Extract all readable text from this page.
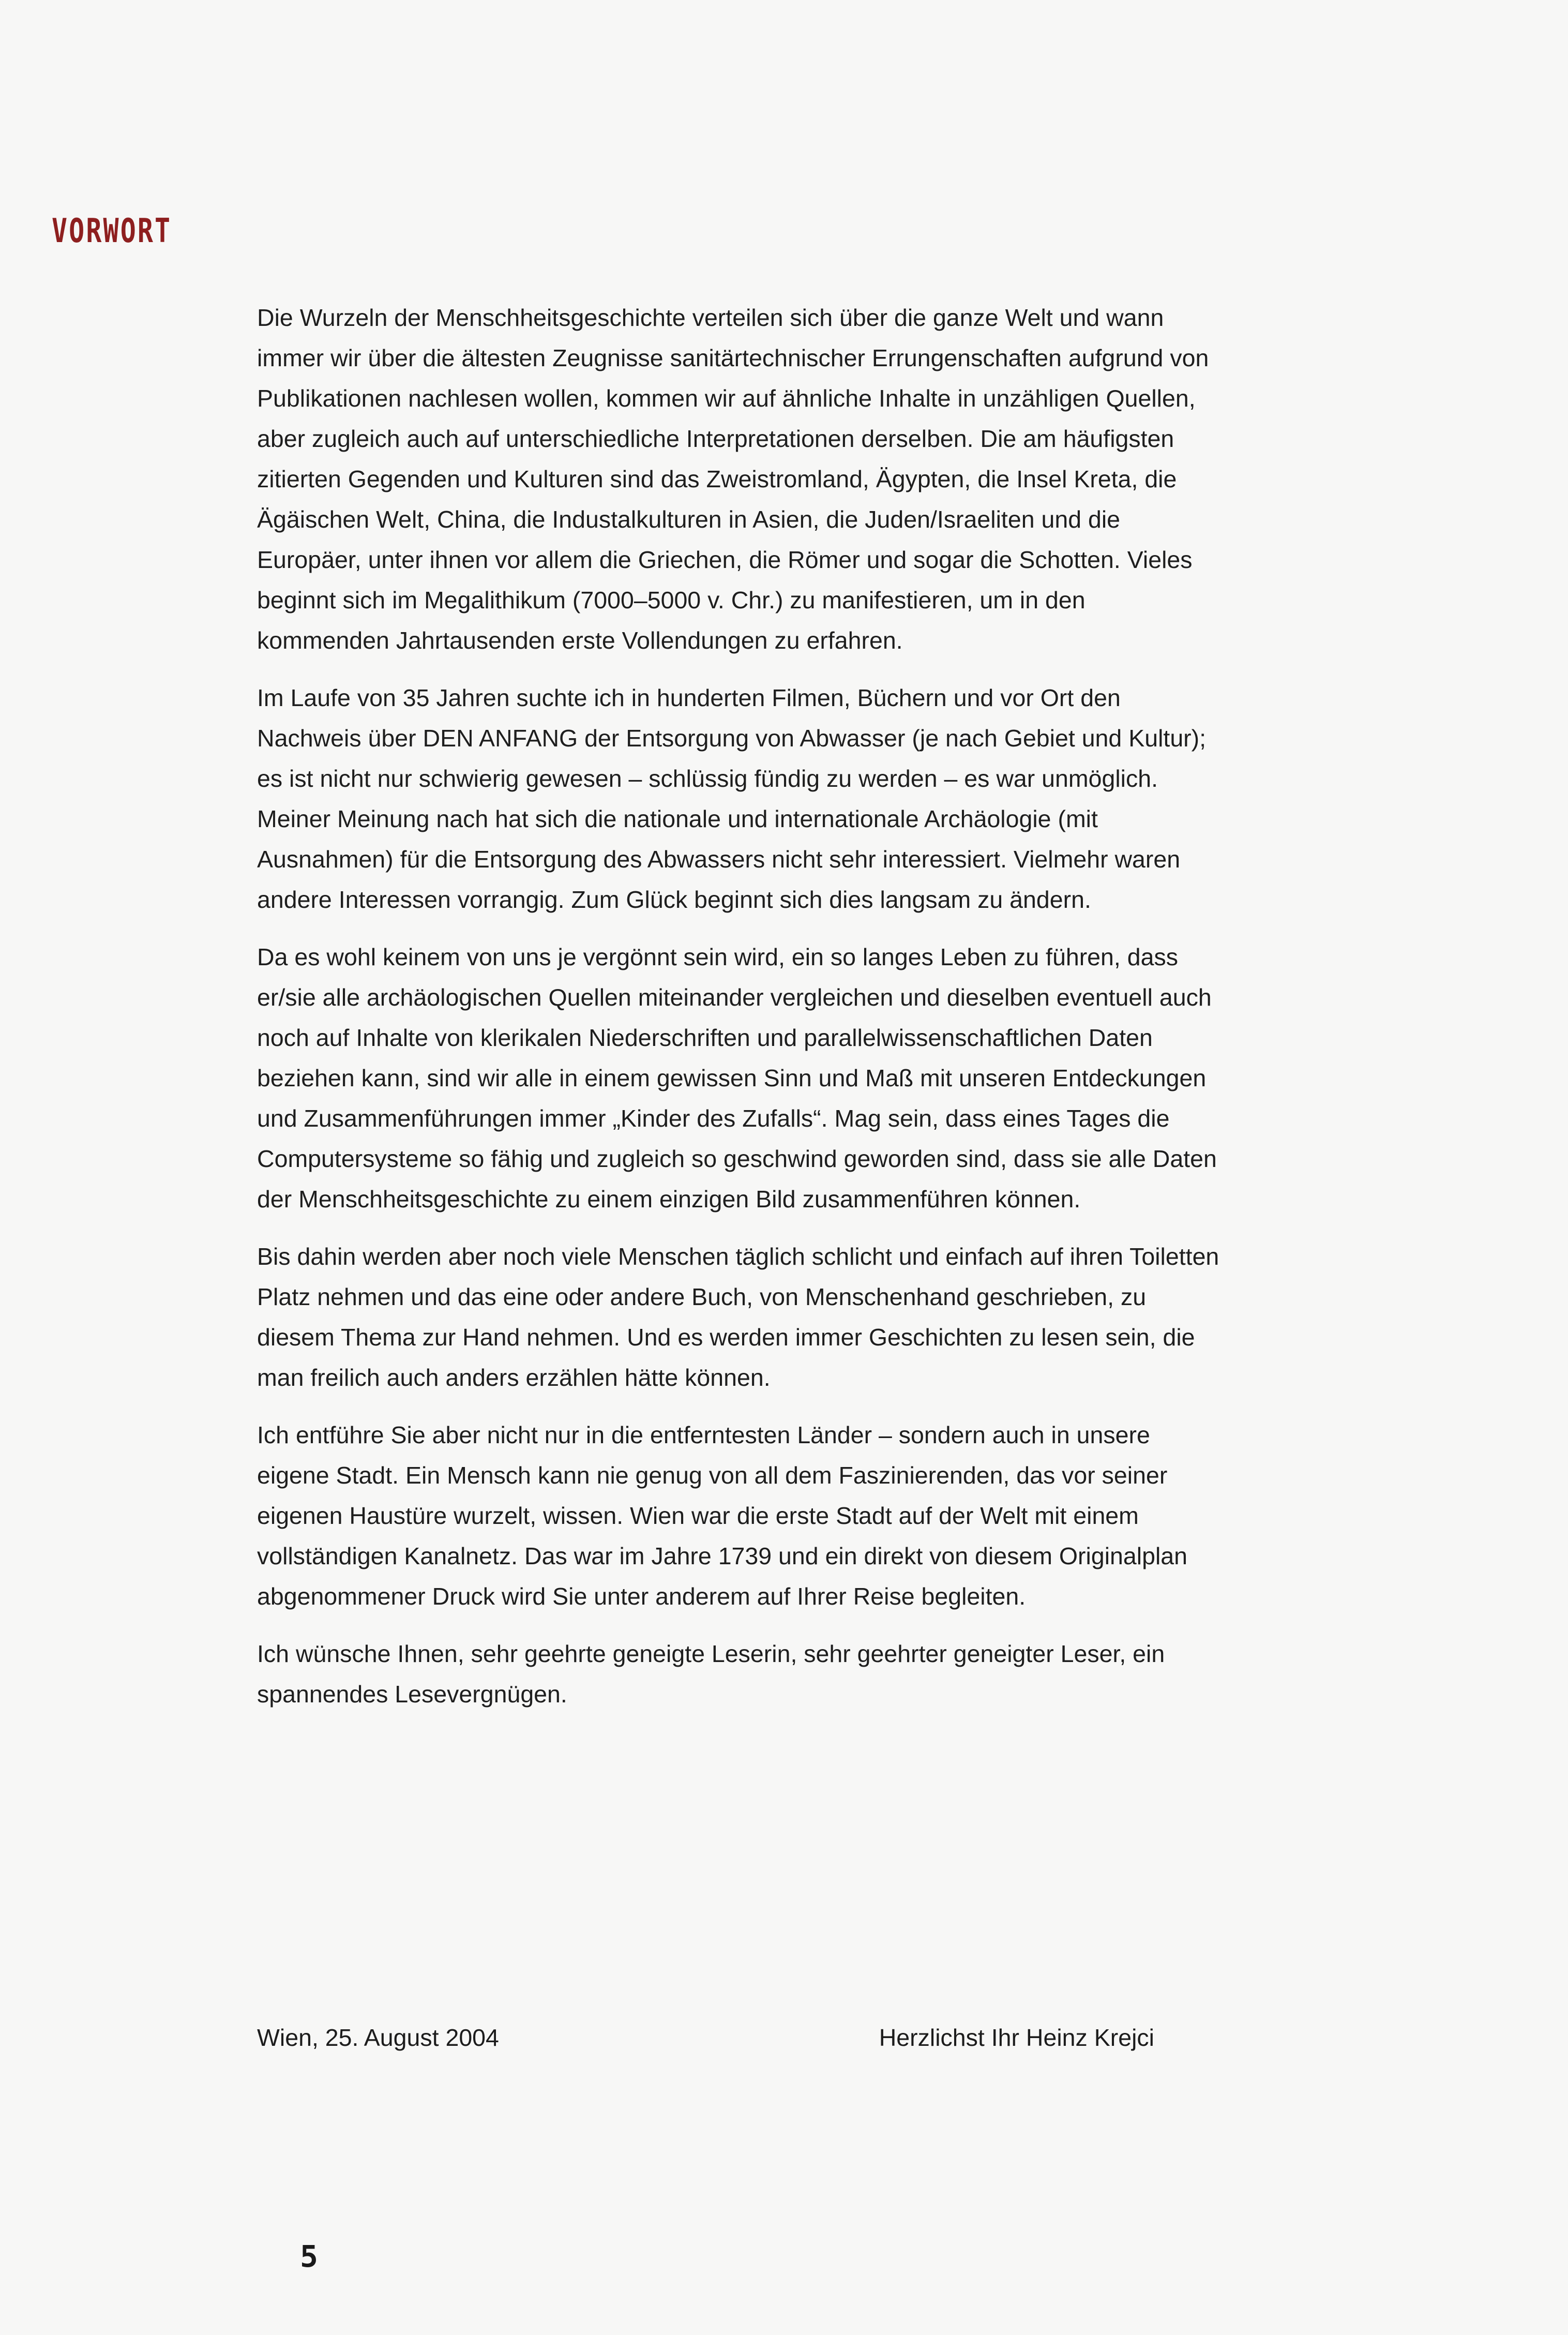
VORWORT

Die Wurzeln der Menschheitsgeschichte verteilen sich über die ganze Welt und wann immer wir über die ältesten Zeugnisse sanitärtechnischer Errungenschaften aufgrund von Publikationen nachlesen wollen, kommen wir auf ähnliche Inhalte in unzähligen Quellen, aber zugleich auch auf unterschiedliche Interpretationen derselben. Die am häufigsten zitierten Gegenden und Kulturen sind das Zweistromland, Ägypten, die Insel Kreta, die Ägäischen Welt, China, die Industalkulturen in Asien, die Juden/Israeliten und die Europäer, unter ihnen vor allem die Griechen, die Römer und sogar die Schotten. Vieles beginnt sich im Megalithikum (7000–5000 v. Chr.) zu manifestieren, um in den kommenden Jahrtausenden erste Vollendungen zu erfahren.

Im Laufe von 35 Jahren suchte ich in hunderten Filmen, Büchern und vor Ort den Nachweis über DEN ANFANG der Entsorgung von Abwasser (je nach Gebiet und Kultur); es ist nicht nur schwierig gewesen – schlüssig fündig zu werden – es war unmöglich. Meiner Meinung nach hat sich die nationale und internationale Archäologie (mit Ausnahmen) für die Entsorgung des Abwassers nicht sehr interessiert. Vielmehr waren andere Interessen vorrangig. Zum Glück beginnt sich dies langsam zu ändern.

Da es wohl keinem von uns je vergönnt sein wird, ein so langes Leben zu führen, dass er/sie alle archäologischen Quellen miteinander vergleichen und dieselben eventuell auch noch auf Inhalte von klerikalen Niederschriften und parallelwissenschaftlichen Daten beziehen kann, sind wir alle in einem gewissen Sinn und Maß mit unseren Entdeckungen und Zusammenführungen immer „Kinder des Zufalls“. Mag sein, dass eines Tages die Computersysteme so fähig und zugleich so geschwind geworden sind, dass sie alle Daten der Menschheitsgeschichte zu einem einzigen Bild zusammenführen können.

Bis dahin werden aber noch viele Menschen täglich schlicht und einfach auf ihren Toiletten Platz nehmen und das eine oder andere Buch, von Menschenhand geschrieben, zu diesem Thema zur Hand nehmen. Und es werden immer Geschichten zu lesen sein, die man freilich auch anders erzählen hätte können.

Ich entführe Sie aber nicht nur in die entferntesten Länder – sondern auch in unsere eigene Stadt. Ein Mensch kann nie genug von all dem Faszinierenden, das vor seiner eigenen Haustüre wurzelt, wissen. Wien war die erste Stadt auf der Welt mit einem vollständigen Kanalnetz. Das war im Jahre 1739 und ein direkt von diesem Originalplan abgenommener Druck wird Sie unter anderem auf Ihrer Reise begleiten.

Ich wünsche Ihnen, sehr geehrte geneigte Leserin, sehr geehrter geneigter Leser, ein spannendes Lesevergnügen.

Wien, 25. August 2004	Herzlichst Ihr Heinz Krejci
5
